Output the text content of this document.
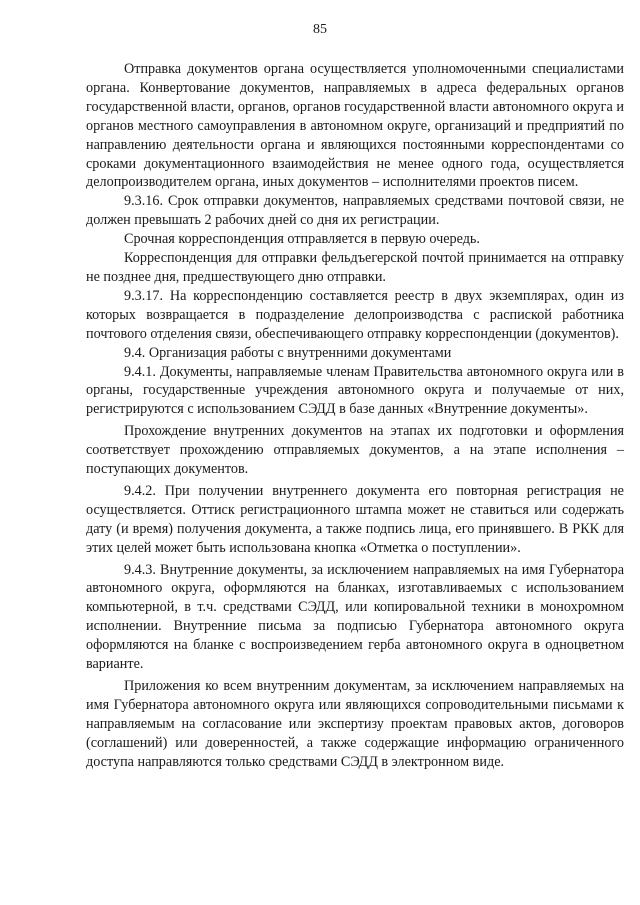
85

Отправка документов органа осуществляется уполномоченными специалистами органа. Конвертование документов, направляемых в адреса федеральных органов государственной власти, органов, органов государственной власти автономного округа и органов местного самоуправления в автономном округе, организаций и предприятий по направлению деятельности органа и являющихся постоянными корреспондентами со сроками документационного взаимодействия не менее одного года, осуществляется делопроизводителем органа, иных документов – исполнителями проектов писем.

9.3.16. Срок отправки документов, направляемых средствами почтовой связи, не должен превышать 2 рабочих дней со дня их регистрации.

Срочная корреспонденция отправляется в первую очередь.

Корреспонденция для отправки фельдъегерской почтой принимается на отправку не позднее дня, предшествующего дню отправки.

9.3.17. На корреспонденцию составляется реестр в двух экземплярах, один из которых возвращается в подразделение делопроизводства с распиской работника почтового отделения связи, обеспечивающего отправку корреспонденции (документов).

9.4. Организация работы с внутренними документами

9.4.1. Документы, направляемые членам Правительства автономного округа или в органы, государственные учреждения автономного округа и получаемые от них, регистрируются с использованием СЭДД в базе данных «Внутренние документы».

Прохождение внутренних документов на этапах их подготовки и оформления соответствует прохождению отправляемых документов, а на этапе исполнения – поступающих документов.

9.4.2. При получении внутреннего документа его повторная регистрация не осуществляется. Оттиск регистрационного штампа может не ставиться или содержать дату (и время) получения документа, а также подпись лица, его принявшего. В РКК для этих целей может быть использована кнопка «Отметка о поступлении».

9.4.3. Внутренние документы, за исключением направляемых на имя Губернатора автономного округа, оформляются на бланках, изготавливаемых с использованием компьютерной, в т.ч. средствами СЭДД, или копировальной техники в монохромном исполнении. Внутренние письма за подписью Губернатора автономного округа оформляются на бланке с воспроизведением герба автономного округа в одноцветном варианте.

Приложения ко всем внутренним документам, за исключением направляемых на имя Губернатора автономного округа или являющихся сопроводительными письмами к направляемым на согласование или экспертизу проектам правовых актов, договоров (соглашений) или доверенностей, а также содержащие информацию ограниченного доступа направляются только средствами СЭДД в электронном виде.
